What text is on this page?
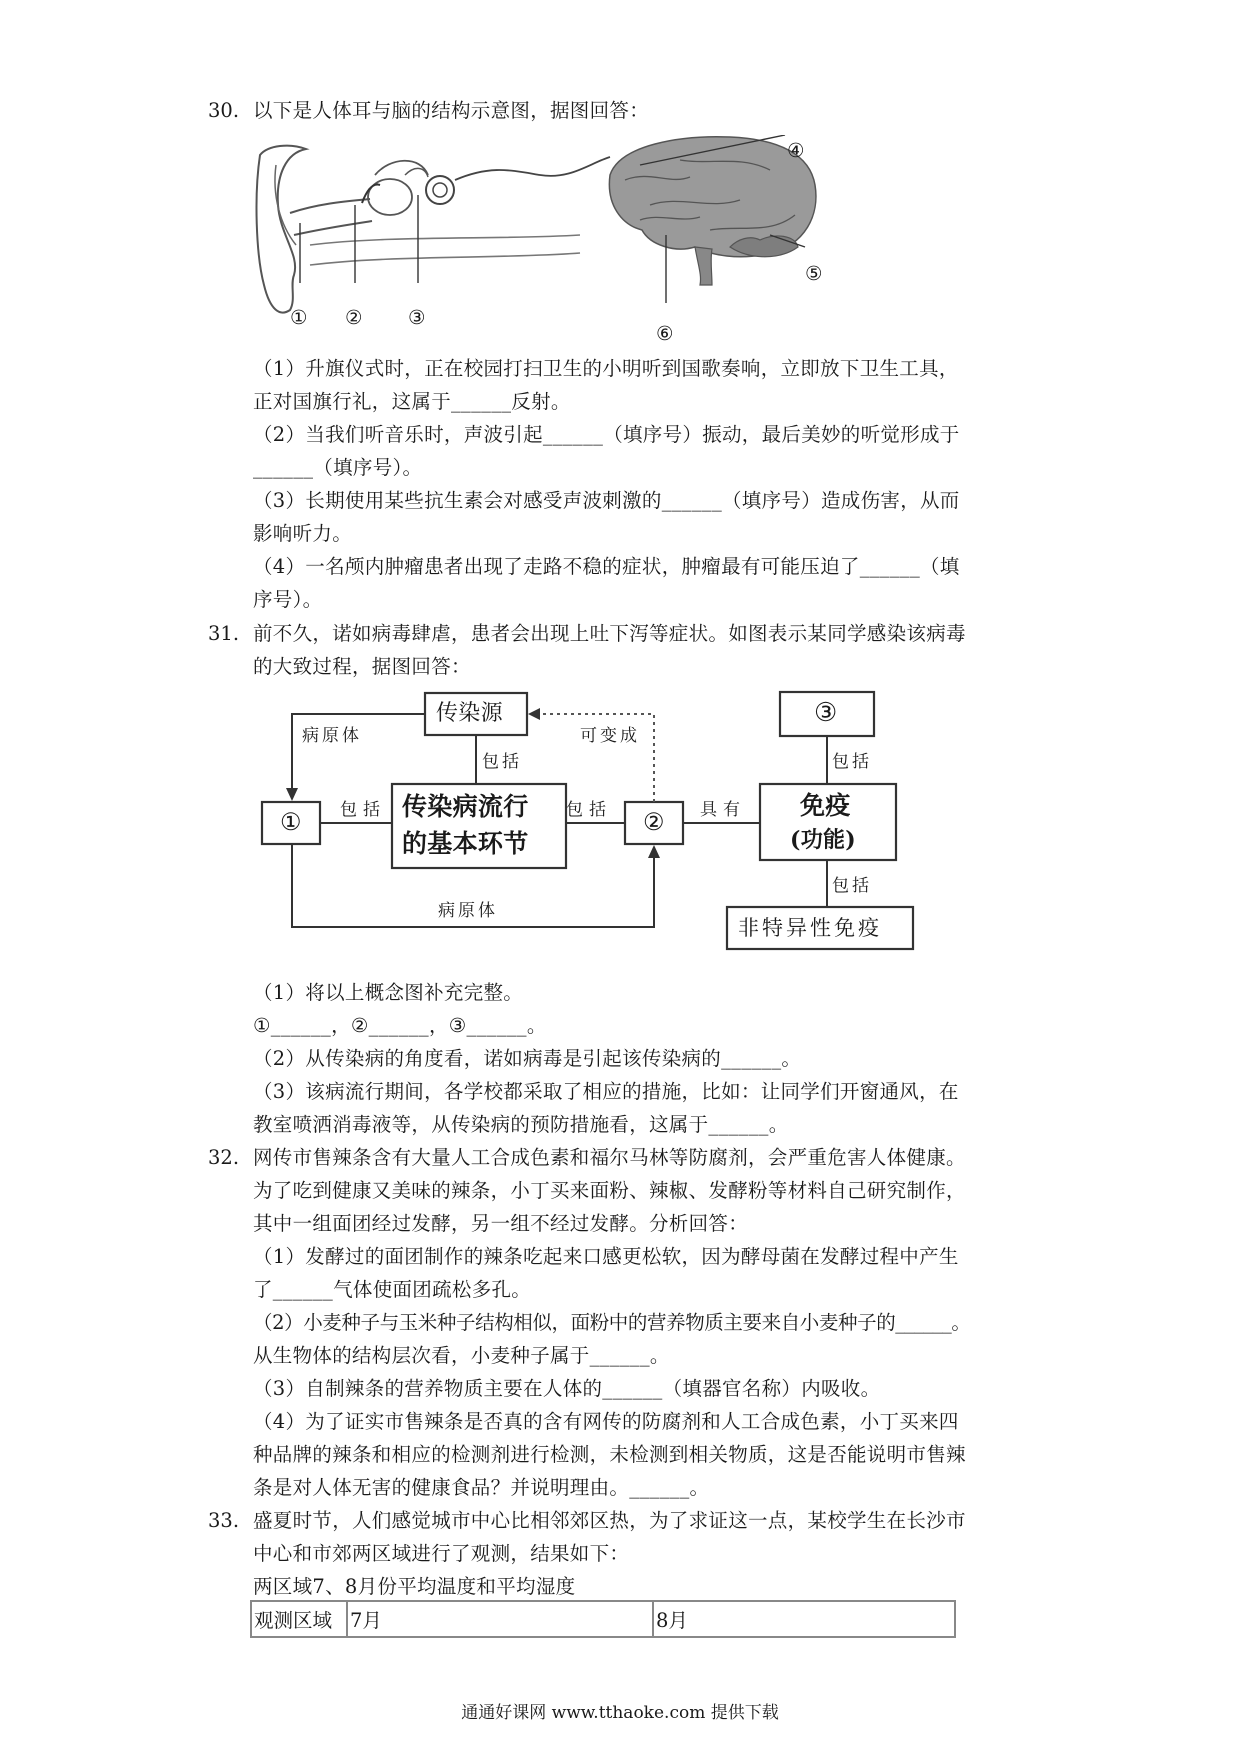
30. 以下是人体耳与脑的结构示意图，据图回答：
① ② ③
④
⑤
⑥
（1）升旗仪式时，正在校园打扫卫生的小明听到国歌奏响，立即放下卫生工具，
正对国旗行礼，这属于______反射。
（2）当我们听音乐时，声波引起______（填序号）振动，最后美妙的听觉形成于
______（填序号）。
（3）长期使用某些抗生素会对感受声波刺激的______（填序号）造成伤害，从而
影响听力。
（4）一名颅内肿瘤患者出现了走路不稳的症状，肿瘤最有可能压迫了______（填
序号）。
31. 前不久，诺如病毒肆虐，患者会出现上吐下泻等症状。如图表示某同学感染该病毒
的大致过程，据图回答：
传染源
传染病流行
的基本环节
①	②
③
免疫
(功能)
非特异性免疫
病原体
病原体
包括
包括	包括
包括
包括
可变成
具有
（1）将以上概念图补充完整。
①______，②______，③______。
（2）从传染病的角度看，诺如病毒是引起该传染病的______。
（3）该病流行期间，各学校都采取了相应的措施，比如：让同学们开窗通风，在
教室喷洒消毒液等，从传染病的预防措施看，这属于______。
32. 网传市售辣条含有大量人工合成色素和福尔马林等防腐剂，会严重危害人体健康。
为了吃到健康又美味的辣条，小丁买来面粉、辣椒、发酵粉等材料自己研究制作，
其中一组面团经过发酵，另一组不经过发酵。分析回答：
（1）发酵过的面团制作的辣条吃起来口感更松软，因为酵母菌在发酵过程中产生
了______气体使面团疏松多孔。
（2）小麦种子与玉米种子结构相似，面粉中的营养物质主要来自小麦种子的______。
从生物体的结构层次看，小麦种子属于______。
（3）自制辣条的营养物质主要在人体的______（填器官名称）内吸收。
（4）为了证实市售辣条是否真的含有网传的防腐剂和人工合成色素，小丁买来四
种品牌的辣条和相应的检测剂进行检测，未检测到相关物质，这是否能说明市售辣
条是对人体无害的健康食品？并说明理由。______。
33. 盛夏时节，人们感觉城市中心比相邻郊区热，为了求证这一点，某校学生在长沙市
中心和市郊两区域进行了观测，结果如下：
两区域7、8月份平均温度和平均湿度
观测区域	7月	8月
通通好课网 www.tthaoke.com 提供下载
